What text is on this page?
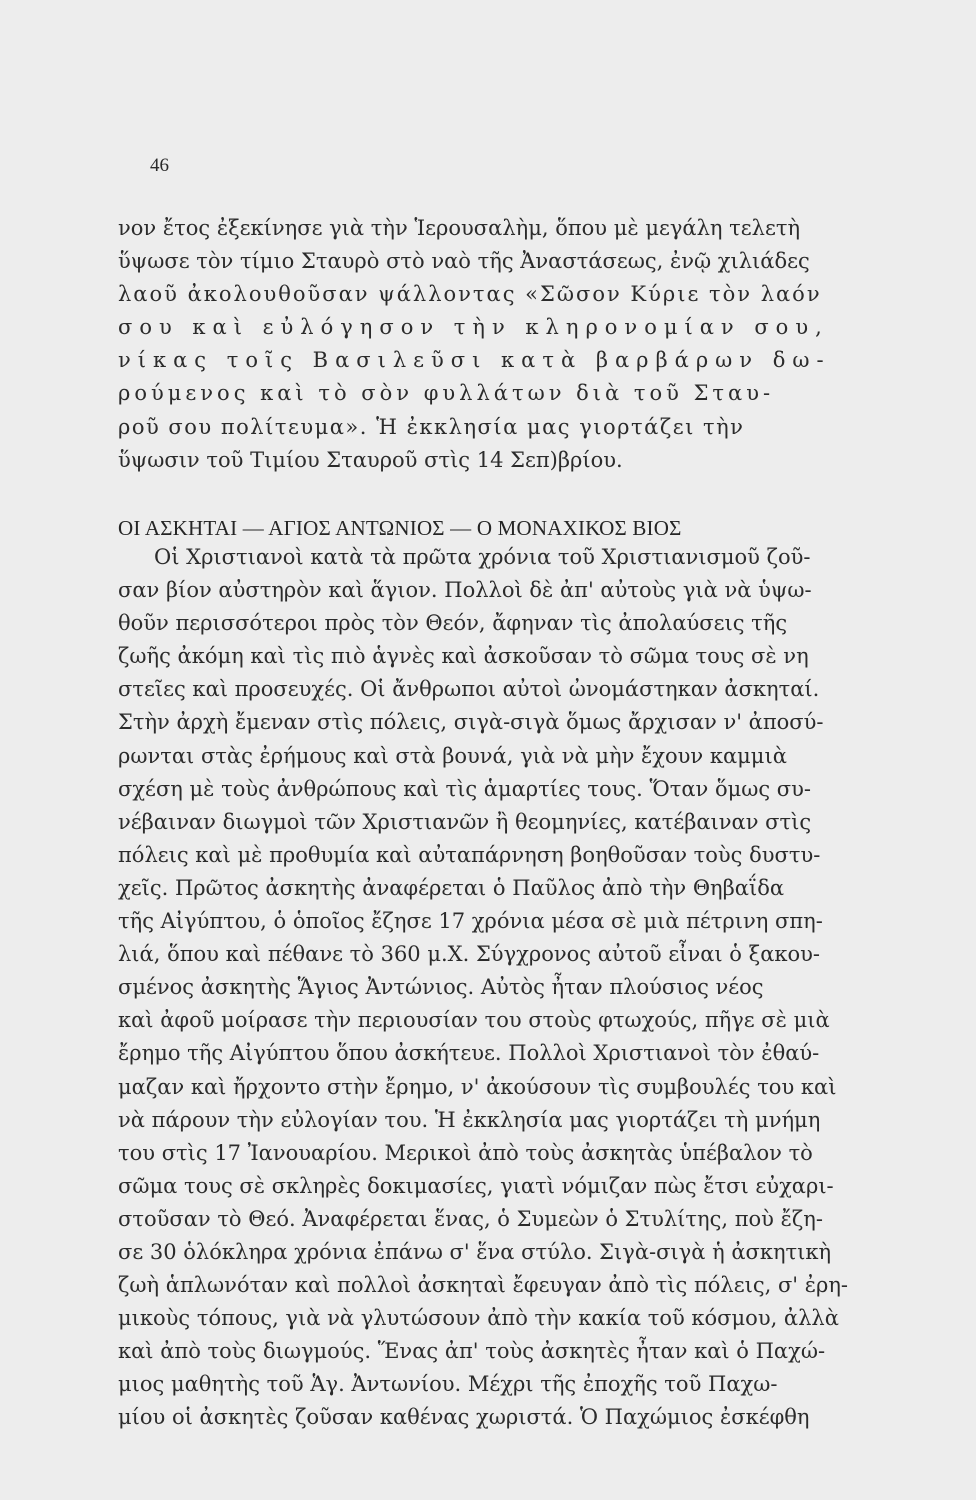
46
νον ἔτος ἐξεκίνησε γιὰ τὴν Ἱερουσαλὴμ, ὅπου μὲ μεγάλη τελετὴ
ὕψωσε τὸν τίμιο Σταυρὸ στὸ ναὸ τῆς Ἀναστάσεως, ἐνῷ χιλιάδες
λαοῦ ἀκολουθοῦσαν ψάλλοντας «Σῶσον Κύριε τὸν λαόν
σου καὶ εὐλόγησον τὴν κληρονομίαν σου,
νίκας τοῖς Βασιλεῦσι κατὰ βαρβάρων δω-
ρούμενος καὶ τὸ σὸν φυλλάτων διὰ τοῦ Σταυ-
ροῦ σου πολίτευμα». Ἡ ἐκκλησία μας γιορτάζει τὴν
ὕψωσιν τοῦ Τιμίου Σταυροῦ στὶς 14 Σεπ)βρίου.
ΟΙ ΑΣΚΗΤΑΙ — ΑΓΙΟΣ ΑΝΤΩΝΙΟΣ — Ο ΜΟΝΑΧΙΚΟΣ ΒΙΟΣ
Οἱ Χριστιανοὶ κατὰ τὰ πρῶτα χρόνια τοῦ Χριστιανισμοῦ ζοῦ-
σαν βίον αὐστηρὸν καὶ ἅγιον. Πολλοὶ δὲ ἀπ' αὐτοὺς γιὰ νὰ ὑψω-
θοῦν περισσότεροι πρὸς τὸν Θεόν, ἄφηναν τὶς ἀπολαύσεις τῆς
ζωῆς ἀκόμη καὶ τὶς πιὸ ἁγνὲς καὶ ἀσκοῦσαν τὸ σῶμα τους σὲ νη
στεῖες καὶ προσευχές. Οἱ ἄνθρωποι αὐτοὶ ὠνομάστηκαν ἀσκηταί.
Στὴν ἀρχὴ ἔμεναν στὶς πόλεις, σιγὰ-σιγὰ ὅμως ἄρχισαν ν' ἀποσύ-
ρωνται στὰς ἐρήμους καὶ στὰ βουνά, γιὰ νὰ μὴν ἔχουν καμμιὰ
σχέση μὲ τοὺς ἀνθρώπους καὶ τὶς ἁμαρτίες τους. Ὅταν ὅμως συ-
νέβαιναν διωγμοὶ τῶν Χριστιανῶν ἢ θεομηνίες, κατέβαιναν στὶς
πόλεις καὶ μὲ προθυμία καὶ αὐταπάρνηση βοηθοῦσαν τοὺς δυστυ-
χεῖς. Πρῶτος ἀσκητὴς ἀναφέρεται ὁ Παῦλος ἀπὸ τὴν Θηβαΐδα
τῆς Αἰγύπτου, ὁ ὁποῖος ἔζησε 17 χρόνια μέσα σὲ μιὰ πέτρινη σπη-
λιά, ὅπου καὶ πέθανε τὸ 360 μ.Χ. Σύγχρονος αὐτοῦ εἶναι ὁ ξακου-
σμένος ἀσκητὴς Ἅγιος Ἀντώνιος. Αὐτὸς ἦταν πλούσιος νέος
καὶ ἀφοῦ μοίρασε τὴν περιουσίαν του στοὺς φτωχούς, πῆγε σὲ μιὰ
ἔρημο τῆς Αἰγύπτου ὅπου ἀσκήτευε. Πολλοὶ Χριστιανοὶ τὸν ἐθαύ-
μαζαν καὶ ἤρχοντο στὴν ἔρημο, ν' ἀκούσουν τὶς συμβουλές του καὶ
νὰ πάρουν τὴν εὐλογίαν του. Ἡ ἐκκλησία μας γιορτάζει τὴ μνήμη
του στὶς 17 Ἰανουαρίου. Μερικοὶ ἀπὸ τοὺς ἀσκητὰς ὑπέβαλον τὸ
σῶμα τους σὲ σκληρὲς δοκιμασίες, γιατὶ νόμιζαν πὼς ἔτσι εὐχαρι-
στοῦσαν τὸ Θεό. Ἀναφέρεται ἕνας, ὁ Συμεὼν ὁ Στυλίτης, ποὺ ἔζη-
σε 30 ὁλόκληρα χρόνια ἐπάνω σ' ἕνα στύλο. Σιγὰ-σιγὰ ἡ ἀσκητικὴ
ζωὴ ἁπλωνόταν καὶ πολλοὶ ἀσκηταὶ ἔφευγαν ἀπὸ τὶς πόλεις, σ' ἐρη-
μικοὺς τόπους, γιὰ νὰ γλυτώσουν ἀπὸ τὴν κακία τοῦ κόσμου, ἀλλὰ
καὶ ἀπὸ τοὺς διωγμούς. Ἕνας ἀπ' τοὺς ἀσκητὲς ἦταν καὶ ὁ Παχώ-
μιος μαθητὴς τοῦ Ἁγ. Ἀντωνίου. Μέχρι τῆς ἐποχῆς τοῦ Παχω-
μίου οἱ ἀσκητὲς ζοῦσαν καθένας χωριστά. Ὁ Παχώμιος ἐσκέφθη
